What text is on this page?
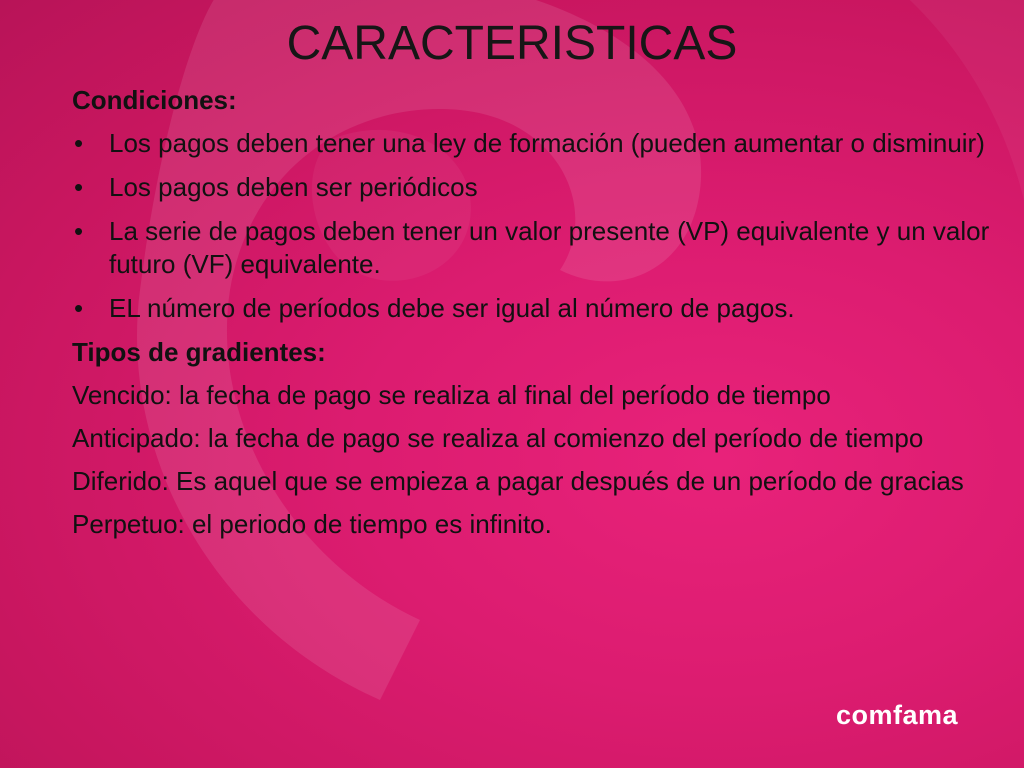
CARACTERISTICAS
Condiciones:
• Los pagos deben tener una ley de formación (pueden aumentar o disminuir)
• Los pagos deben ser periódicos
• La serie de pagos deben tener un valor presente (VP) equivalente y un valor futuro (VF) equivalente.
• EL número de períodos debe ser igual al número de pagos.
Tipos de gradientes:
Vencido: la fecha de pago se realiza al final del período de tiempo
Anticipado: la fecha de pago se realiza al comienzo del período de tiempo
Diferido: Es aquel que se empieza a pagar después de un período de gracias
Perpetuo: el periodo de tiempo es infinito.
comfama
